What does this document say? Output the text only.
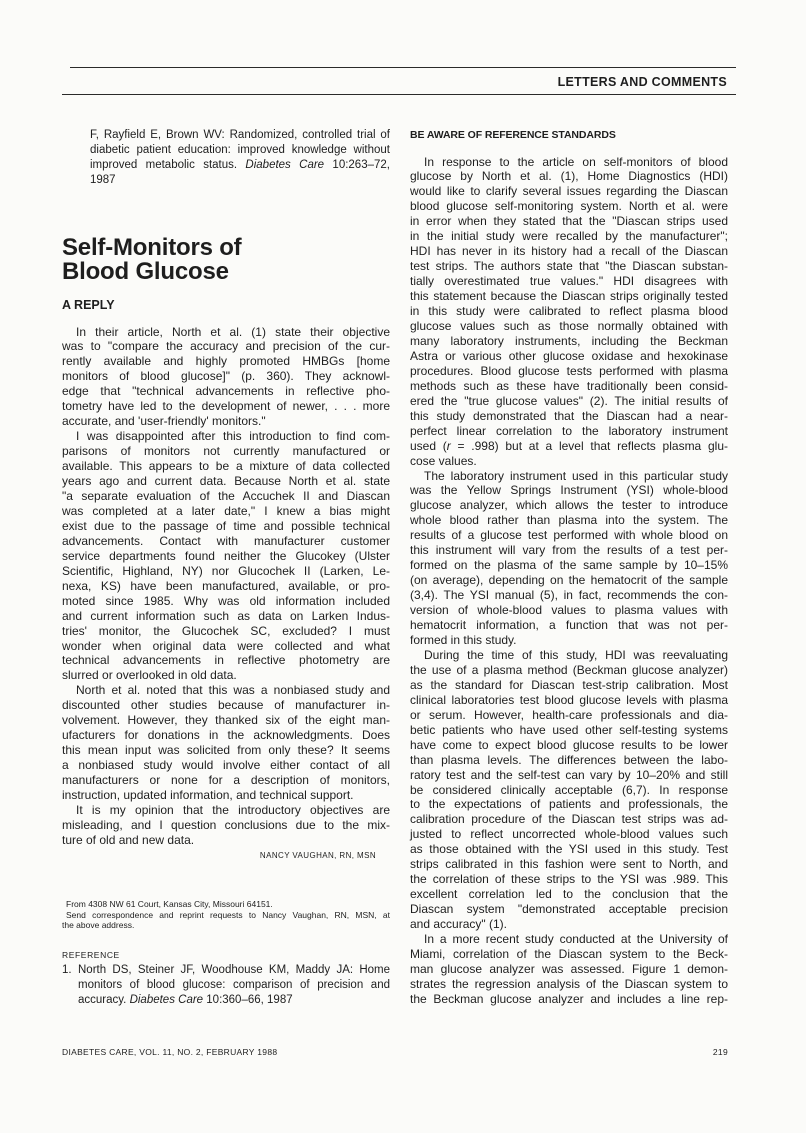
LETTERS AND COMMENTS
F, Rayfield E, Brown WV: Randomized, controlled trial of
diabetic patient education: improved knowledge without
improved metabolic status. Diabetes Care 10:263–72, 1987
Self-Monitors of
Blood Glucose
A REPLY
In their article, North et al. (1) state their objective
was to "compare the accuracy and precision of the cur-
rently available and highly promoted HMBGs [home
monitors of blood glucose]" (p. 360). They acknowl-
edge that "technical advancements in reflective pho-
tometry have led to the development of newer, . . . more
accurate, and 'user-friendly' monitors."
I was disappointed after this introduction to find com-
parisons of monitors not currently manufactured or
available. This appears to be a mixture of data collected
years ago and current data. Because North et al. state
"a separate evaluation of the Accuchek II and Diascan
was completed at a later date," I knew a bias might
exist due to the passage of time and possible technical
advancements. Contact with manufacturer customer
service departments found neither the Glucokey (Ulster
Scientific, Highland, NY) nor Glucochek II (Larken, Le-
nexa, KS) have been manufactured, available, or pro-
moted since 1985. Why was old information included
and current information such as data on Larken Indus-
tries' monitor, the Glucochek SC, excluded? I must
wonder when original data were collected and what
technical advancements in reflective photometry are
slurred or overlooked in old data.
North et al. noted that this was a nonbiased study and
discounted other studies because of manufacturer in-
volvement. However, they thanked six of the eight man-
ufacturers for donations in the acknowledgments. Does
this mean input was solicited from only these? It seems
a nonbiased study would involve either contact of all
manufacturers or none for a description of monitors,
instruction, updated information, and technical support.
It is my opinion that the introductory objectives are
misleading, and I question conclusions due to the mix-
ture of old and new data.
NANCY VAUGHAN, RN, MSN
From 4308 NW 61 Court, Kansas City, Missouri 64151.
Send correspondence and reprint requests to Nancy Vaughan, RN, MSN, at
the above address.
REFERENCE
1. North DS, Steiner JF, Woodhouse KM, Maddy JA: Home
monitors of blood glucose: comparison of precision and
accuracy. Diabetes Care 10:360–66, 1987
BE AWARE OF REFERENCE STANDARDS
In response to the article on self-monitors of blood
glucose by North et al. (1), Home Diagnostics (HDI)
would like to clarify several issues regarding the Diascan
blood glucose self-monitoring system. North et al. were
in error when they stated that the "Diascan strips used
in the initial study were recalled by the manufacturer";
HDI has never in its history had a recall of the Diascan
test strips. The authors state that "the Diascan substan-
tially overestimated true values." HDI disagrees with
this statement because the Diascan strips originally tested
in this study were calibrated to reflect plasma blood
glucose values such as those normally obtained with
many laboratory instruments, including the Beckman
Astra or various other glucose oxidase and hexokinase
procedures. Blood glucose tests performed with plasma
methods such as these have traditionally been consid-
ered the "true glucose values" (2). The initial results of
this study demonstrated that the Diascan had a near-
perfect linear correlation to the laboratory instrument
used (r = .998) but at a level that reflects plasma glu-
cose values.
The laboratory instrument used in this particular study
was the Yellow Springs Instrument (YSI) whole-blood
glucose analyzer, which allows the tester to introduce
whole blood rather than plasma into the system. The
results of a glucose test performed with whole blood on
this instrument will vary from the results of a test per-
formed on the plasma of the same sample by 10–15%
(on average), depending on the hematocrit of the sample
(3,4). The YSI manual (5), in fact, recommends the con-
version of whole-blood values to plasma values with
hematocrit information, a function that was not per-
formed in this study.
During the time of this study, HDI was reevaluating
the use of a plasma method (Beckman glucose analyzer)
as the standard for Diascan test-strip calibration. Most
clinical laboratories test blood glucose levels with plasma
or serum. However, health-care professionals and dia-
betic patients who have used other self-testing systems
have come to expect blood glucose results to be lower
than plasma levels. The differences between the labo-
ratory test and the self-test can vary by 10–20% and still
be considered clinically acceptable (6,7). In response
to the expectations of patients and professionals, the
calibration procedure of the Diascan test strips was ad-
justed to reflect uncorrected whole-blood values such
as those obtained with the YSI used in this study. Test
strips calibrated in this fashion were sent to North, and
the correlation of these strips to the YSI was .989. This
excellent correlation led to the conclusion that the
Diascan system "demonstrated acceptable precision
and accuracy" (1).
In a more recent study conducted at the University of
Miami, correlation of the Diascan system to the Beck-
man glucose analyzer was assessed. Figure 1 demon-
strates the regression analysis of the Diascan system to
the Beckman glucose analyzer and includes a line rep-
DIABETES CARE, VOL. 11, NO. 2, FEBRUARY 1988	219
